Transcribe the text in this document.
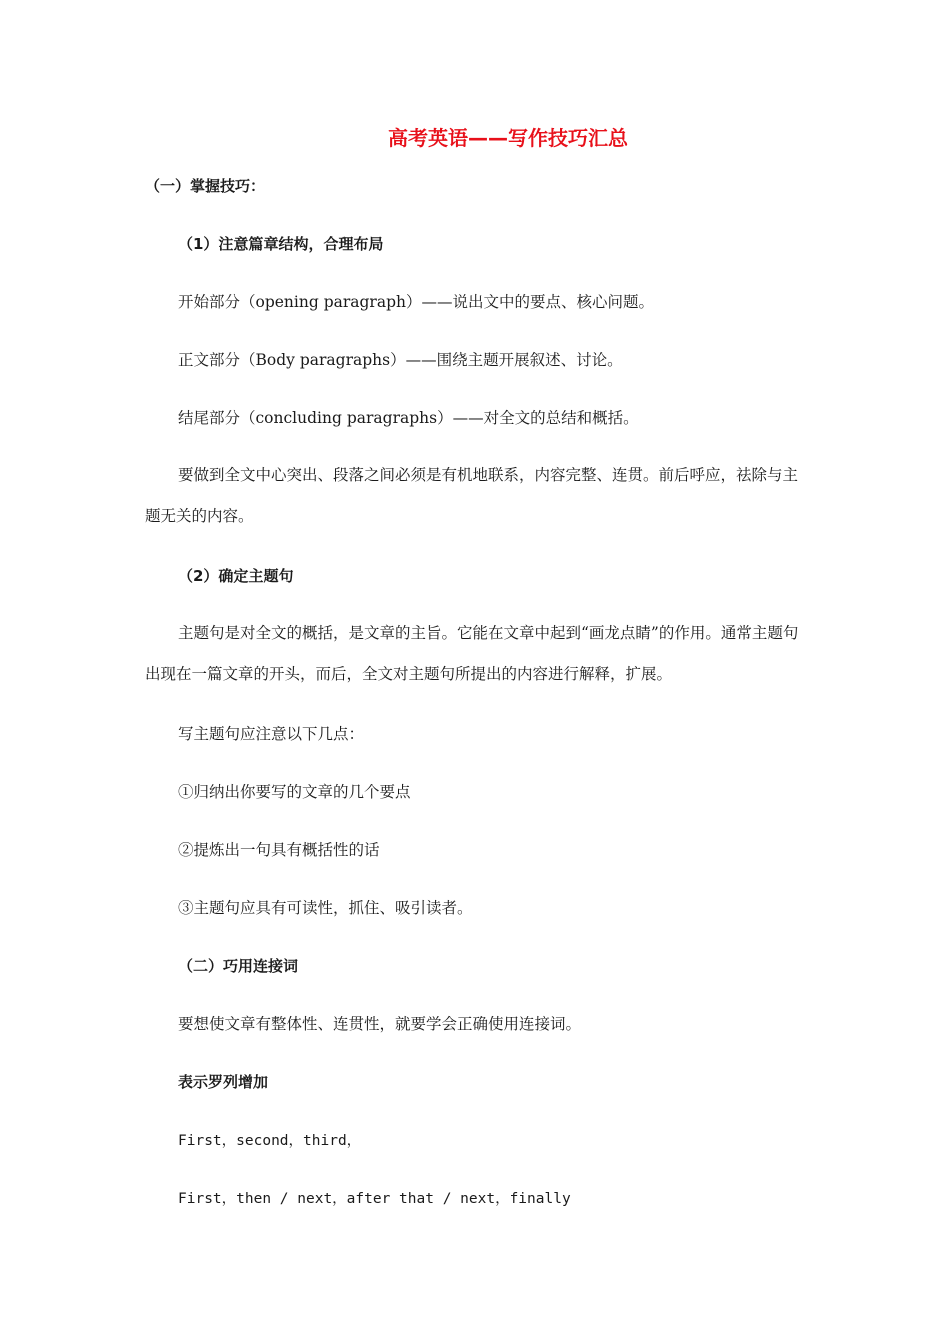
高考英语——写作技巧汇总
（一）掌握技巧：
（1）注意篇章结构，合理布局
开始部分（opening paragraph）——说出文中的要点、核心问题。
正文部分（Body paragraphs）——围绕主题开展叙述、讨论。
结尾部分（concluding paragraphs）——对全文的总结和概括。
要做到全文中心突出、段落之间必须是有机地联系，内容完整、连贯。前后呼应，祛除与主题无关的内容。
（2）确定主题句
主题句是对全文的概括，是文章的主旨。它能在文章中起到“画龙点睛”的作用。通常主题句出现在一篇文章的开头，而后，全文对主题句所提出的内容进行解释，扩展。
写主题句应注意以下几点：
①归纳出你要写的文章的几个要点
②提炼出一句具有概括性的话
③主题句应具有可读性，抓住、吸引读者。
（二）巧用连接词
要想使文章有整体性、连贯性，就要学会正确使用连接词。
表示罗列增加
First，second，third，
First，then / next，after that / next，finally
